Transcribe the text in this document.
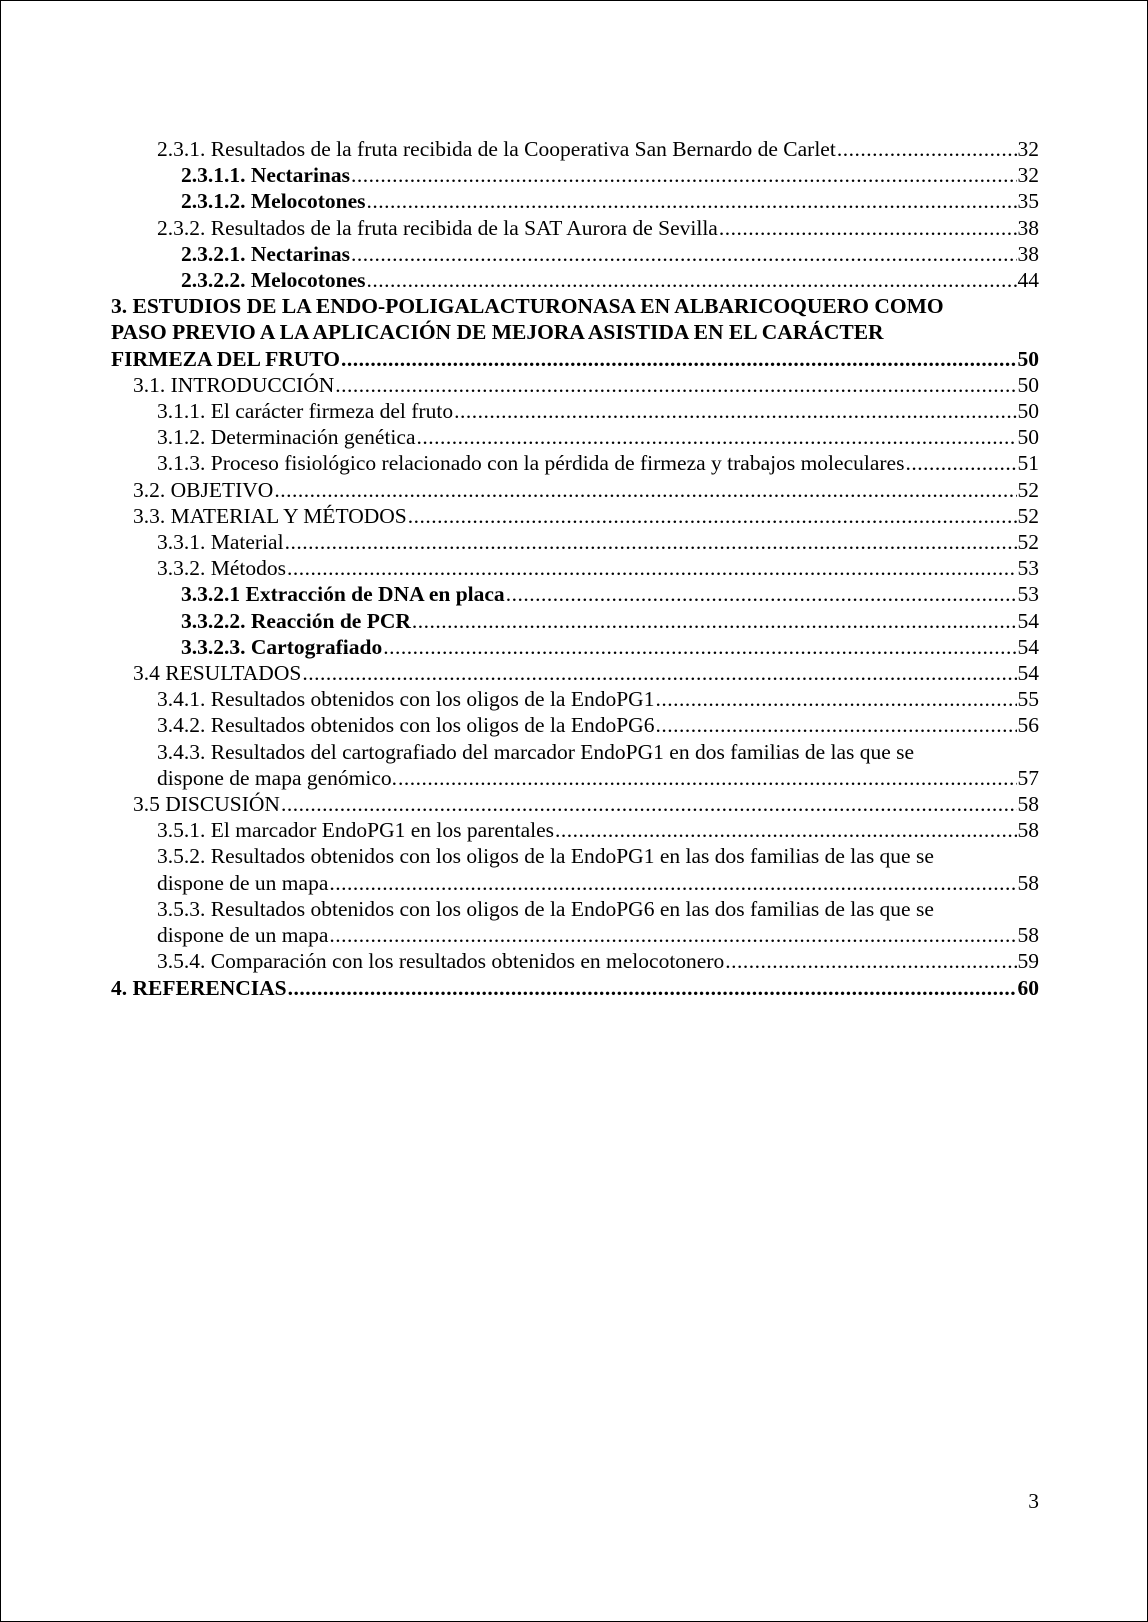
2.3.1. Resultados de la fruta recibida de la Cooperativa San Bernardo de Carlet .....	32
2.3.1.1. Nectarinas .....	32
2.3.1.2. Melocotones .....	35
2.3.2. Resultados de la fruta recibida de la SAT Aurora de Sevilla .....	38
2.3.2.1. Nectarinas .....	38
2.3.2.2. Melocotones .....	44
3. ESTUDIOS DE LA ENDO-POLIGALACTURONASA EN ALBARICOQUERO COMO
PASO PREVIO A LA APLICACIÓN DE MEJORA ASISTIDA EN EL CARÁCTER
FIRMEZA DEL FRUTO .....	50
3.1. INTRODUCCIÓN .....	50
3.1.1. El carácter firmeza del fruto .....	50
3.1.2. Determinación genética .....	50
3.1.3. Proceso fisiológico relacionado con la pérdida de firmeza y trabajos moleculares .....	51
3.2. OBJETIVO .....	52
3.3. MATERIAL Y MÉTODOS .....	52
3.3.1. Material .....	52
3.3.2. Métodos .....	53
3.3.2.1 Extracción de DNA en placa .....	53
3.3.2.2. Reacción de PCR .....	54
3.3.2.3. Cartografiado .....	54
3.4 RESULTADOS .....	54
3.4.1. Resultados obtenidos con los oligos de la EndoPG1 .....	55
3.4.2. Resultados obtenidos con los oligos de la EndoPG6 .....	56
3.4.3. Resultados del cartografiado del marcador EndoPG1 en dos familias de las que se
dispone de mapa genómico. .....	57
3.5 DISCUSIÓN .....	58
3.5.1. El marcador EndoPG1 en los parentales .....	58
3.5.2. Resultados obtenidos con los oligos de la EndoPG1 en las dos familias de las que se
dispone de un mapa .....	58
3.5.3. Resultados obtenidos con los oligos de la EndoPG6 en las dos familias de las que se
dispone de un mapa .....	58
3.5.4. Comparación con los resultados obtenidos en melocotonero .....	59
4. REFERENCIAS .....	60
3
